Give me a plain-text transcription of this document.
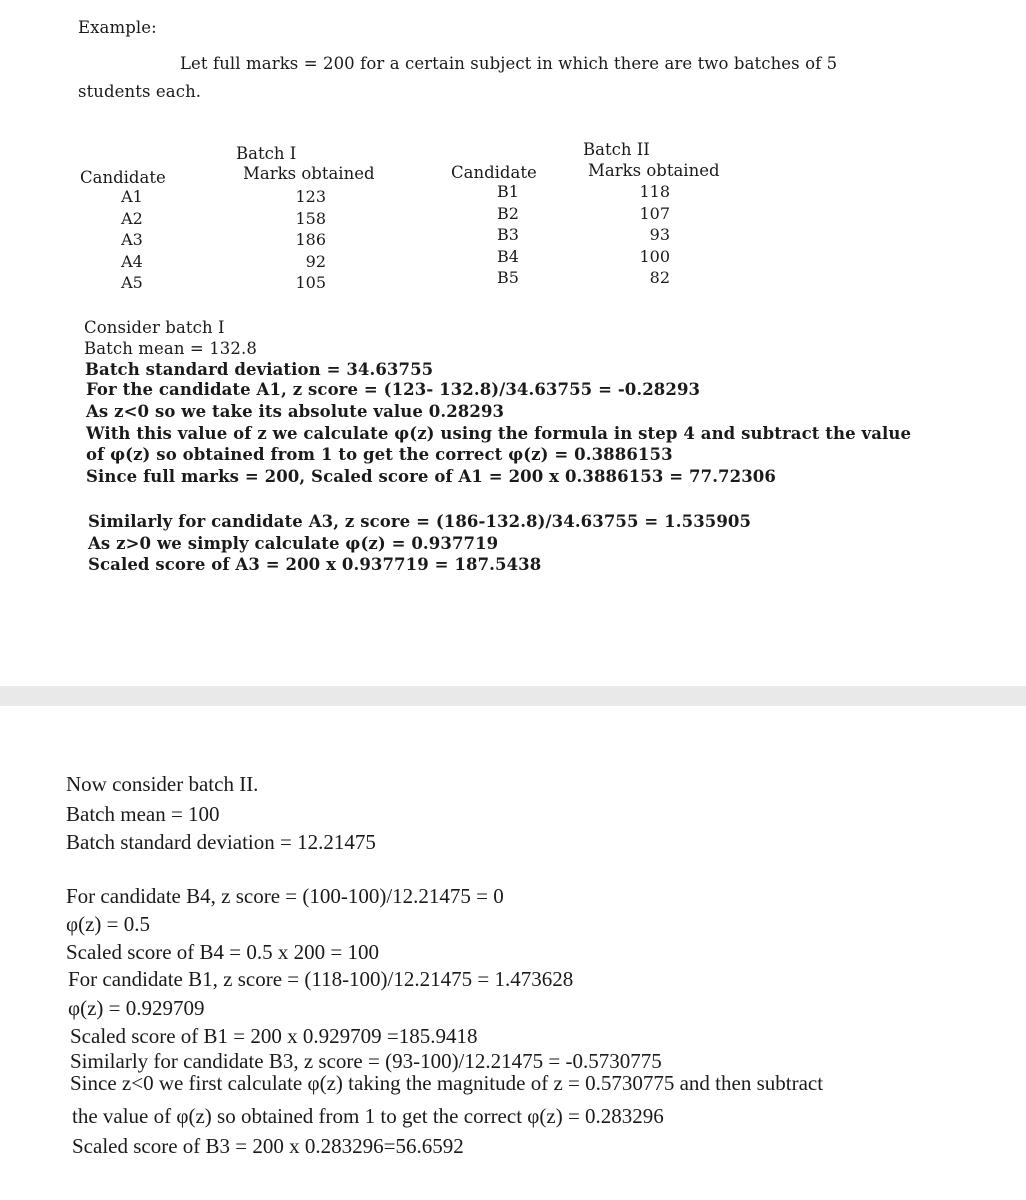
Example:
Let full marks = 200 for a certain subject in which there are two batches of 5
students each.
Batch I
Marks obtained
Candidate
Batch II
Marks obtained
Candidate
A1
A2
A3
A4
A5
123
158
186
92
105
B1
B2
B3
B4
B5
118
107
93
100
82
Consider batch I
Batch mean = 132.8
Batch standard deviation = 34.63755
For the candidate A1, z score = (123- 132.8)/34.63755 = -0.28293
As z<0 so we take its absolute value 0.28293
With this value of z we calculate φ(z) using the formula in step 4 and subtract the value
of φ(z) so obtained from 1 to get the correct φ(z) = 0.3886153
Since full marks = 200, Scaled score of A1 = 200 x 0.3886153 = 77.72306
Similarly for candidate A3, z score = (186-132.8)/34.63755 = 1.535905
As z>0 we simply calculate φ(z) = 0.937719
Scaled score of A3 = 200 x 0.937719 = 187.5438
Now consider batch II.
Batch mean = 100
Batch standard deviation = 12.21475
For candidate B4, z score = (100-100)/12.21475 = 0
φ(z) = 0.5
Scaled score of B4 = 0.5 x 200 = 100
For candidate B1, z score = (118-100)/12.21475 = 1.473628
φ(z) = 0.929709
Scaled score of B1 = 200 x 0.929709 =185.9418
Similarly for candidate B3, z score = (93-100)/12.21475 = -0.5730775
Since z<0 we first calculate φ(z) taking the magnitude of z = 0.5730775 and then subtract
the value of φ(z) so obtained from 1 to get the correct φ(z) = 0.283296
Scaled score of B3 = 200 x 0.283296=56.6592
